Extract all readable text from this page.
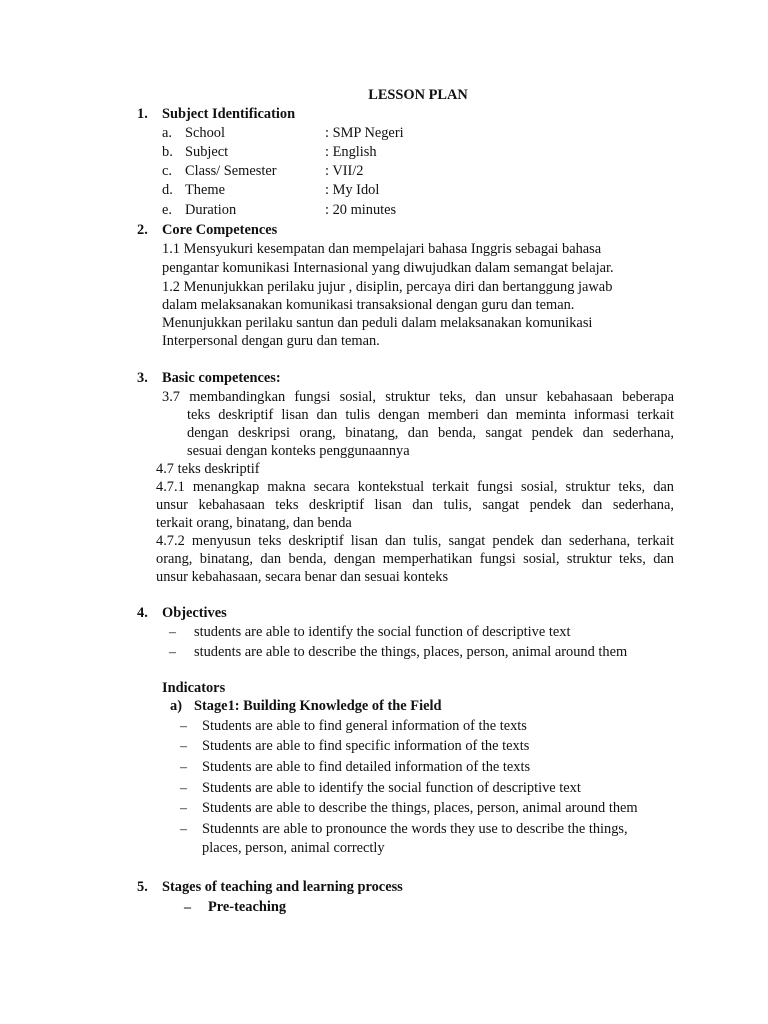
LESSON PLAN
1. Subject Identification
a. School	: SMP Negeri
b. Subject	: English
c. Class/ Semester	: VII/2
d. Theme	: My Idol
e. Duration	: 20 minutes
2. Core Competences
1.1 Mensyukuri kesempatan dan mempelajari bahasa Inggris sebagai bahasa
pengantar komunikasi Internasional yang diwujudkan dalam semangat belajar.
1.2 Menunjukkan perilaku jujur , disiplin, percaya diri dan bertanggung jawab
dalam melaksanakan komunikasi transaksional dengan guru dan teman.
Menunjukkan perilaku santun dan peduli dalam melaksanakan komunikasi
Interpersonal dengan guru dan teman.
3. Basic competences:
3.7 membandingkan fungsi sosial, struktur teks, dan unsur kebahasaan beberapa
teks deskriptif lisan dan tulis dengan memberi dan meminta informasi terkait
dengan deskripsi orang, binatang, dan benda, sangat pendek dan sederhana,
sesuai dengan konteks penggunaannya
4.7 teks deskriptif
4.7.1 menangkap makna secara kontekstual terkait fungsi sosial, struktur teks, dan
unsur kebahasaan teks deskriptif lisan dan tulis, sangat pendek dan sederhana,
terkait orang, binatang, dan benda
4.7.2 menyusun teks deskriptif lisan dan tulis, sangat pendek dan sederhana, terkait
orang, binatang, dan benda, dengan memperhatikan fungsi sosial, struktur teks, dan
unsur kebahasaan, secara benar dan sesuai konteks
4. Objectives
– students are able to identify the social function of descriptive text
– students are able to describe the things, places, person, animal around them
Indicators
a) Stage1: Building Knowledge of the Field
– Students are able to find general information of the texts
– Students are able to find specific information of the texts
– Students are able to find detailed information of the texts
– Students are able to identify the social function of descriptive text
– Students are able to describe the things, places, person, animal around them
– Studennts are able to pronounce the words they use to describe the things,
places, person, animal correctly
5. Stages of teaching and learning process
– Pre-teaching
